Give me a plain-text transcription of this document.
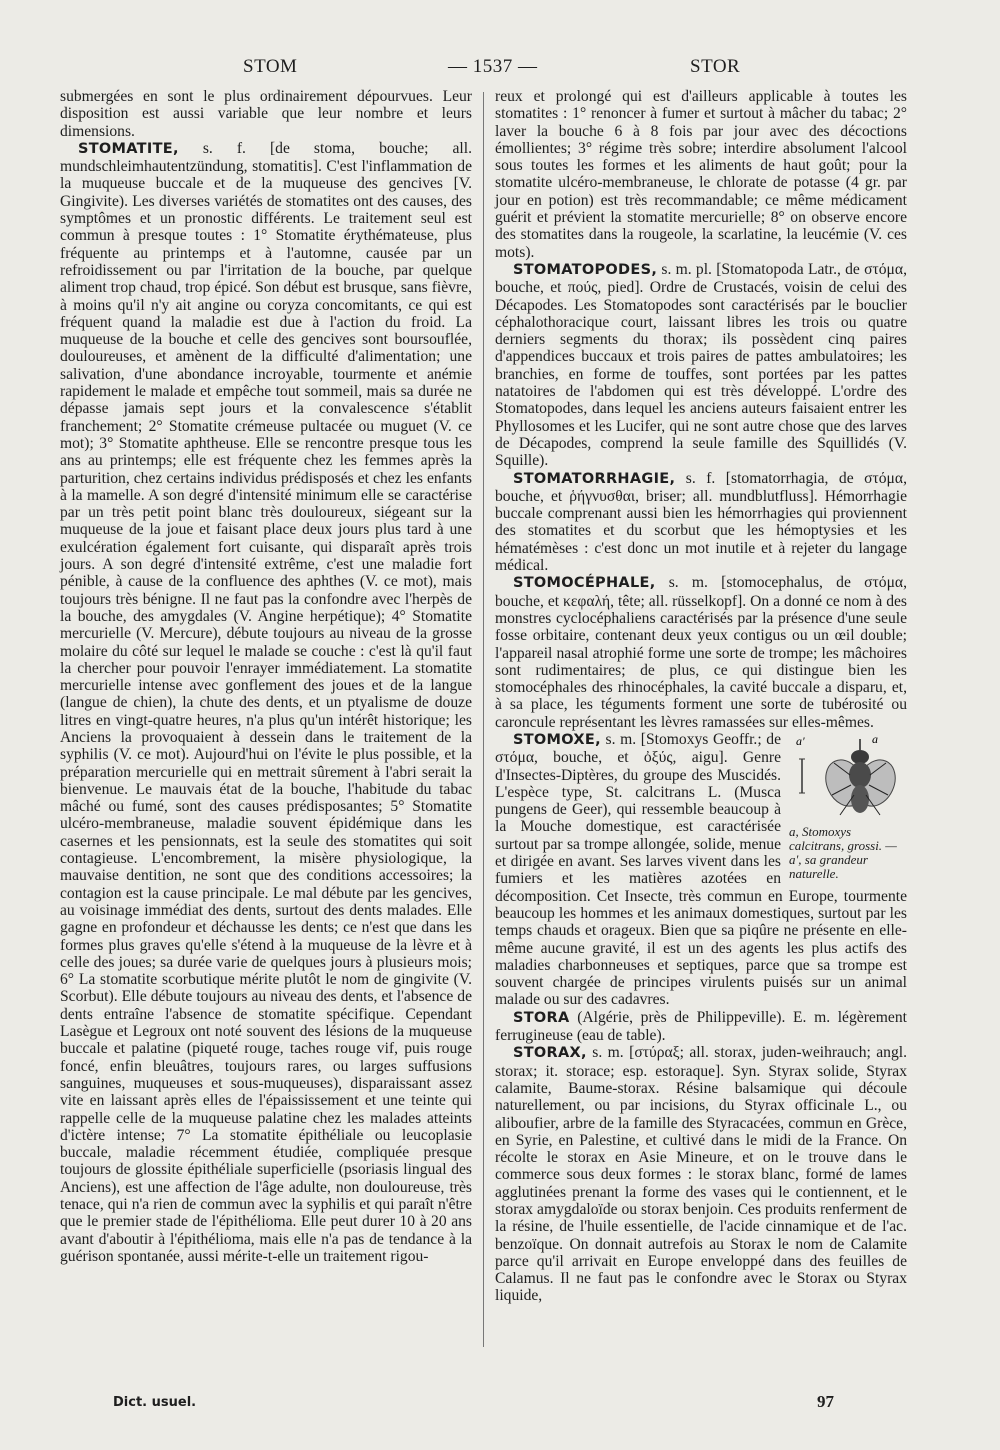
STOM	— 1537 —	STOR

submergées en sont le plus ordinairement dépourvues. Leur disposition est aussi variable que leur nombre et leurs dimensions.

STOMATITE, s. f. [de stoma, bouche; all. mundschleimhautentzündung, stomatitis]. C'est l'inflammation de la muqueuse buccale et de la muqueuse des gencives [V. Gingivite). Les diverses variétés de stomatites ont des causes, des symptômes et un pronostic différents. Le traitement seul est commun à presque toutes : 1° Stomatite érythémateuse, plus fréquente au printemps et à l'automne, causée par un refroidissement ou par l'irritation de la bouche, par quelque aliment trop chaud, trop épicé. Son début est brusque, sans fièvre, à moins qu'il n'y ait angine ou coryza concomitants, ce qui est fréquent quand la maladie est due à l'action du froid. La muqueuse de la bouche et celle des gencives sont boursouflée, douloureuses, et amènent de la difficulté d'alimentation; une salivation, d'une abondance incroyable, tourmente et anémie rapidement le malade et empêche tout sommeil, mais sa durée ne dépasse jamais sept jours et la convalescence s'établit franchement; 2° Stomatite crémeuse pultacée ou muguet (V. ce mot); 3° Stomatite aphtheuse. Elle se rencontre presque tous les ans au printemps; elle est fréquente chez les femmes après la parturition, chez certains individus prédisposés et chez les enfants à la mamelle. A son degré d'intensité minimum elle se caractérise par un très petit point blanc très douloureux, siégeant sur la muqueuse de la joue et faisant place deux jours plus tard à une exulcération également fort cuisante, qui disparaît après trois jours. A son degré d'intensité extrême, c'est une maladie fort pénible, à cause de la confluence des aphthes (V. ce mot), mais toujours très bénigne. Il ne faut pas la confondre avec l'herpès de la bouche, des amygdales (V. Angine herpétique); 4° Stomatite mercurielle (V. Mercure), débute toujours au niveau de la grosse molaire du côté sur lequel le malade se couche : c'est là qu'il faut la chercher pour pouvoir l'enrayer immédiatement. La stomatite mercurielle intense avec gonflement des joues et de la langue (langue de chien), la chute des dents, et un ptyalisme de douze litres en vingt-quatre heures, n'a plus qu'un intérêt historique; les Anciens la provoquaient à dessein dans le traitement de la syphilis (V. ce mot). Aujourd'hui on l'évite le plus possible, et la préparation mercurielle qui en mettrait sûrement à l'abri serait la bienvenue. Le mauvais état de la bouche, l'habitude du tabac mâché ou fumé, sont des causes prédisposantes; 5° Stomatite ulcéro-membraneuse, maladie souvent épidémique dans les casernes et les pensionnats, est la seule des stomatites qui soit contagieuse. L'encombrement, la misère physiologique, la mauvaise dentition, ne sont que des conditions accessoires; la contagion est la cause principale. Le mal débute par les gencives, au voisinage immédiat des dents, surtout des dents malades. Elle gagne en profondeur et déchausse les dents; ce n'est que dans les formes plus graves qu'elle s'étend à la muqueuse de la lèvre et à celle des joues; sa durée varie de quelques jours à plusieurs mois; 6° La stomatite scorbutique mérite plutôt le nom de gingivite (V. Scorbut). Elle débute toujours au niveau des dents, et l'absence de dents entraîne l'absence de stomatite spécifique. Cependant Lasègue et Legroux ont noté souvent des lésions de la muqueuse buccale et palatine (piqueté rouge, taches rouge vif, puis rouge foncé, enfin bleuâtres, toujours rares, ou larges suffusions sanguines, muqueuses et sous-muqueuses), disparaissant assez vite en laissant après elles de l'épaississement et une teinte qui rappelle celle de la muqueuse palatine chez les malades atteints d'ictère intense; 7° La stomatite épithéliale ou leucoplasie buccale, maladie récemment étudiée, compliquée presque toujours de glossite épithéliale superficielle (psoriasis lingual des Anciens), est une affection de l'âge adulte, non douloureuse, très tenace, qui n'a rien de commun avec la syphilis et qui paraît n'être que le premier stade de l'épithélioma. Elle peut durer 10 à 20 ans avant d'aboutir à l'épithélioma, mais elle n'a pas de tendance à la guérison spontanée, aussi mérite-t-elle un traitement rigou-

reux et prolongé qui est d'ailleurs applicable à toutes les stomatites : 1° renoncer à fumer et surtout à mâcher du tabac; 2° laver la bouche 6 à 8 fois par jour avec des décoctions émollientes; 3° régime très sobre; interdire absolument l'alcool sous toutes les formes et les aliments de haut goût; pour la stomatite ulcéro-membraneuse, le chlorate de potasse (4 gr. par jour en potion) est très recommandable; ce même médicament guérit et prévient la stomatite mercurielle; 8° on observe encore des stomatites dans la rougeole, la scarlatine, la leucémie (V. ces mots).

STOMATOPODES, s. m. pl. [Stomatopoda Latr., de στόμα, bouche, et πούς, pied]. Ordre de Crustacés, voisin de celui des Décapodes. Les Stomatopodes sont caractérisés par le bouclier céphalothoracique court, laissant libres les trois ou quatre derniers segments du thorax; ils possèdent cinq paires d'appendices buccaux et trois paires de pattes ambulatoires; les branchies, en forme de touffes, sont portées par les pattes natatoires de l'abdomen qui est très développé. L'ordre des Stomatopodes, dans lequel les anciens auteurs faisaient entrer les Phyllosomes et les Lucifer, qui ne sont autre chose que des larves de Décapodes, comprend la seule famille des Squillidés (V. Squille).

STOMATORRHAGIE, s. f. [stomatorrhagia, de στόμα, bouche, et ῥήγνυσθαι, briser; all. mundblutfluss]. Hémorrhagie buccale comprenant aussi bien les hémorrhagies qui proviennent des stomatites et du scorbut que les hémoptysies et les hématémèses : c'est donc un mot inutile et à rejeter du langage médical.

STOMOCÉPHALE, s. m. [stomocephalus, de στόμα, bouche, et κεφαλή, tête; all. rüsselkopf]. On a donné ce nom à des monstres cyclocéphaliens caractérisés par la présence d'une seule fosse orbitaire, contenant deux yeux contigus ou un œil double; l'appareil nasal atrophié forme une sorte de trompe; les mâchoires sont rudimentaires; de plus, ce qui distingue bien les stomocéphales des rhinocéphales, la cavité buccale a disparu, et, à sa place, les téguments forment une sorte de tubérosité ou caroncule représentant les lèvres ramassées sur elles-mêmes.

a'	a
a, Stomoxys calcitrans, grossi. — a', sa grandeur naturelle.

STOMOXE, s. m. [Stomoxys Geoffr.; de στόμα, bouche, et ὀξύς, aigu]. Genre d'Insectes-Diptères, du groupe des Muscidés. L'espèce type, St. calcitrans L. (Musca pungens de Geer), qui ressemble beaucoup à la Mouche domestique, est caractérisée surtout par sa trompe allongée, solide, menue et dirigée en avant. Ses larves vivent dans les fumiers et les matières azotées en décomposition. Cet Insecte, très commun en Europe, tourmente beaucoup les hommes et les animaux domestiques, surtout par les temps chauds et orageux. Bien que sa piqûre ne présente en elle-même aucune gravité, il est un des agents les plus actifs des maladies charbonneuses et septiques, parce que sa trompe est souvent chargée de principes virulents puisés sur un animal malade ou sur des cadavres.

STORA (Algérie, près de Philippeville). E. m. légèrement ferrugineuse (eau de table).

STORAX, s. m. [στύραξ; all. storax, juden-weihrauch; angl. storax; it. storace; esp. estoraque]. Syn. Styrax solide, Styrax calamite, Baume-storax. Résine balsamique qui découle naturellement, ou par incisions, du Styrax officinale L., ou aliboufier, arbre de la famille des Styracacées, commun en Grèce, en Syrie, en Palestine, et cultivé dans le midi de la France. On récolte le storax en Asie Mineure, et on le trouve dans le commerce sous deux formes : le storax blanc, formé de lames agglutinées prenant la forme des vases qui le contiennent, et le storax amygdaloïde ou storax benjoin. Ces produits renferment de la résine, de l'huile essentielle, de l'acide cinnamique et de l'ac. benzoïque. On donnait autrefois au Storax le nom de Calamite parce qu'il arrivait en Europe enveloppé dans des feuilles de Calamus. Il ne faut pas le confondre avec le Storax ou Styrax liquide,

Dict. usuel.	97
